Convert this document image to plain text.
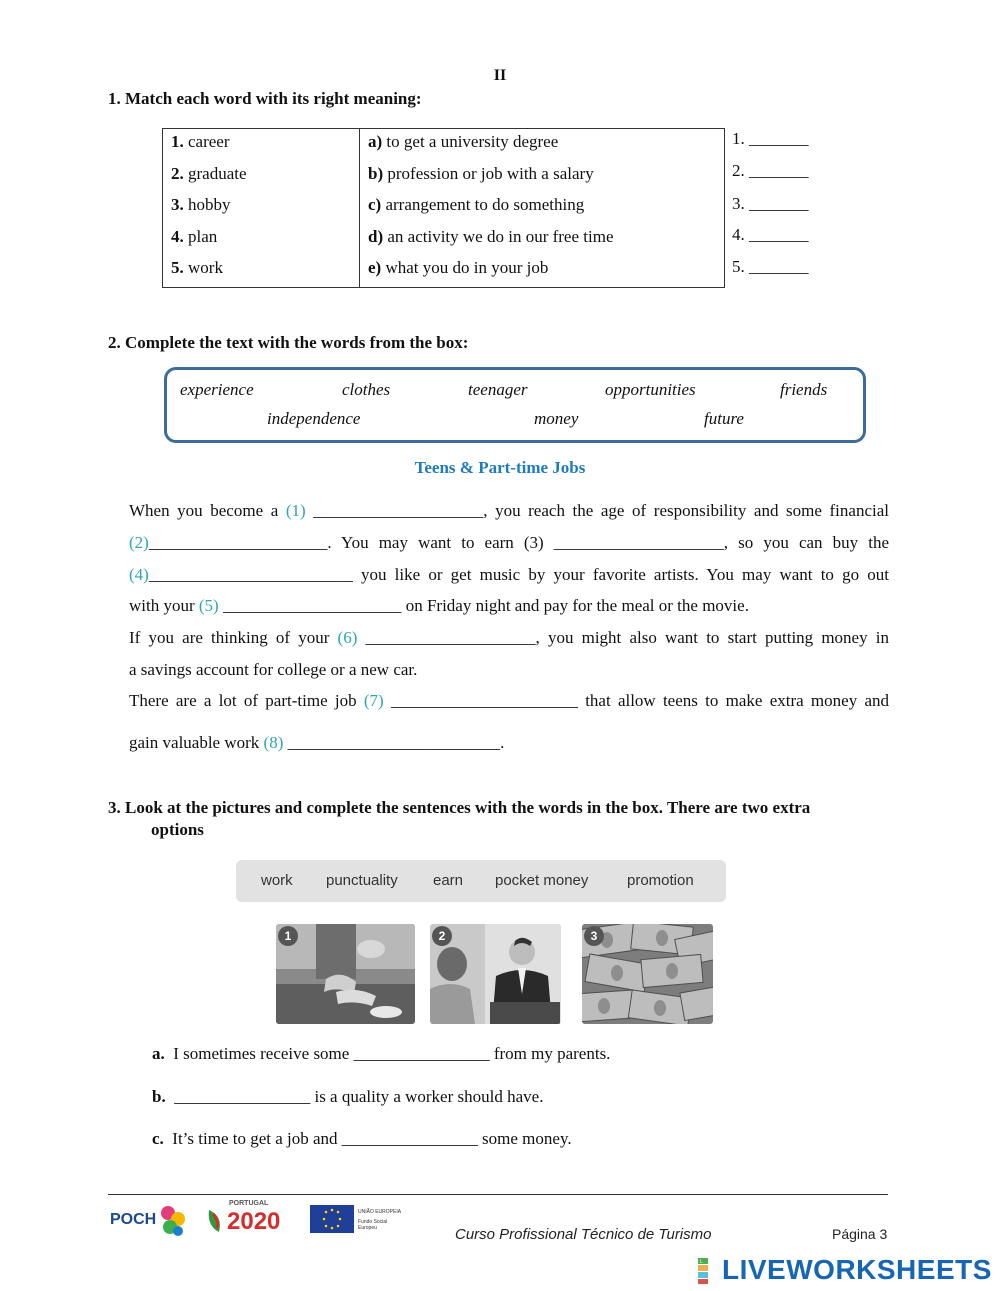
II
1. Match each word with its right meaning:
1. career	a) to get a university degree
2. graduate	b) profession or job with a salary
3. hobby	c) arrangement to do something
4. plan	d) an activity we do in our free time
5. work	e) what you do in your job
1. _______
2. _______
3. _______
4. _______
5. _______
2. Complete the text with the words from the box:
experience	clothes	teenager	opportunities	friends
independence	money	future
Teens & Part-time Jobs
When you become a (1) ____________________, you reach the age of responsibility and some financial
(2)_____________________. You may want to earn (3) ____________________, so you can buy the
(4)________________________ you like or get music by your favorite artists. You may want to go out
with your (5) _____________________ on Friday night and pay for the meal or the movie.
If you are thinking of your (6) ____________________, you might also want to start putting money in
a savings account for college or a new car.
There are a lot of part-time job (7) ______________________ that allow teens to make extra money and
gain valuable work (8) _________________________.
3. Look at the pictures and complete the sentences with the words in the box. There are two extra
options
work punctuality earn pocket money	promotion
1	2	3
a. I sometimes receive some ________________ from my parents.
b. ________________ is a quality a worker should have.
c. It’s time to get a job and ________________ some money.
POCH
PORTUGAL
2020	UNIÃO EUROPEIA
Fundo Social Europeu	Curso Profissional Técnico de Turismo	Página 3
L LIVEWORKSHEETS
